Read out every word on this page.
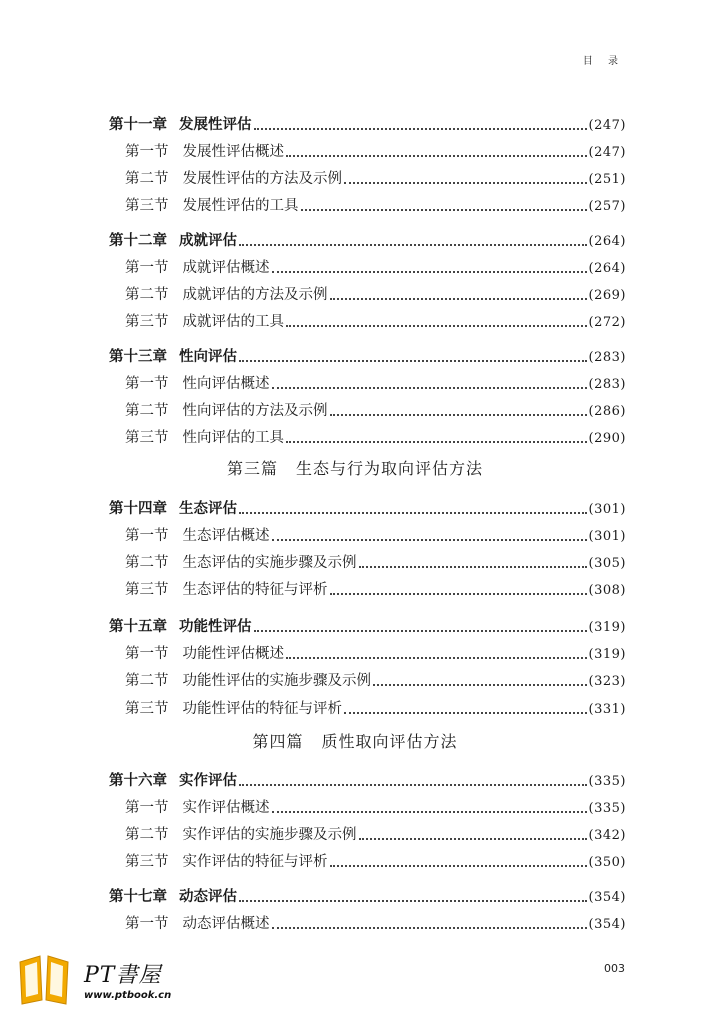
目 录
第十一章 发展性评估	(247)
第一节 发展性评估概述	(247)
第二节 发展性评估的方法及示例	(251)
第三节 发展性评估的工具	(257)
第十二章 成就评估	(264)
第一节 成就评估概述	(264)
第二节 成就评估的方法及示例	(269)
第三节 成就评估的工具	(272)
第十三章 性向评估	(283)
第一节 性向评估概述	(283)
第二节 性向评估的方法及示例	(286)
第三节 性向评估的工具	(290)
第三篇 生态与行为取向评估方法
第十四章 生态评估	(301)
第一节 生态评估概述	(301)
第二节 生态评估的实施步骤及示例	(305)
第三节 生态评估的特征与评析	(308)
第十五章 功能性评估	(319)
第一节 功能性评估概述	(319)
第二节 功能性评估的实施步骤及示例	(323)
第三节 功能性评估的特征与评析	(331)
第四篇 质性取向评估方法
第十六章 实作评估	(335)
第一节 实作评估概述	(335)
第二节 实作评估的实施步骤及示例	(342)
第三节 实作评估的特征与评析	(350)
第十七章 动态评估	(354)
第一节 动态评估概述	(354)
003
PT書屋
www.ptbook.cn
